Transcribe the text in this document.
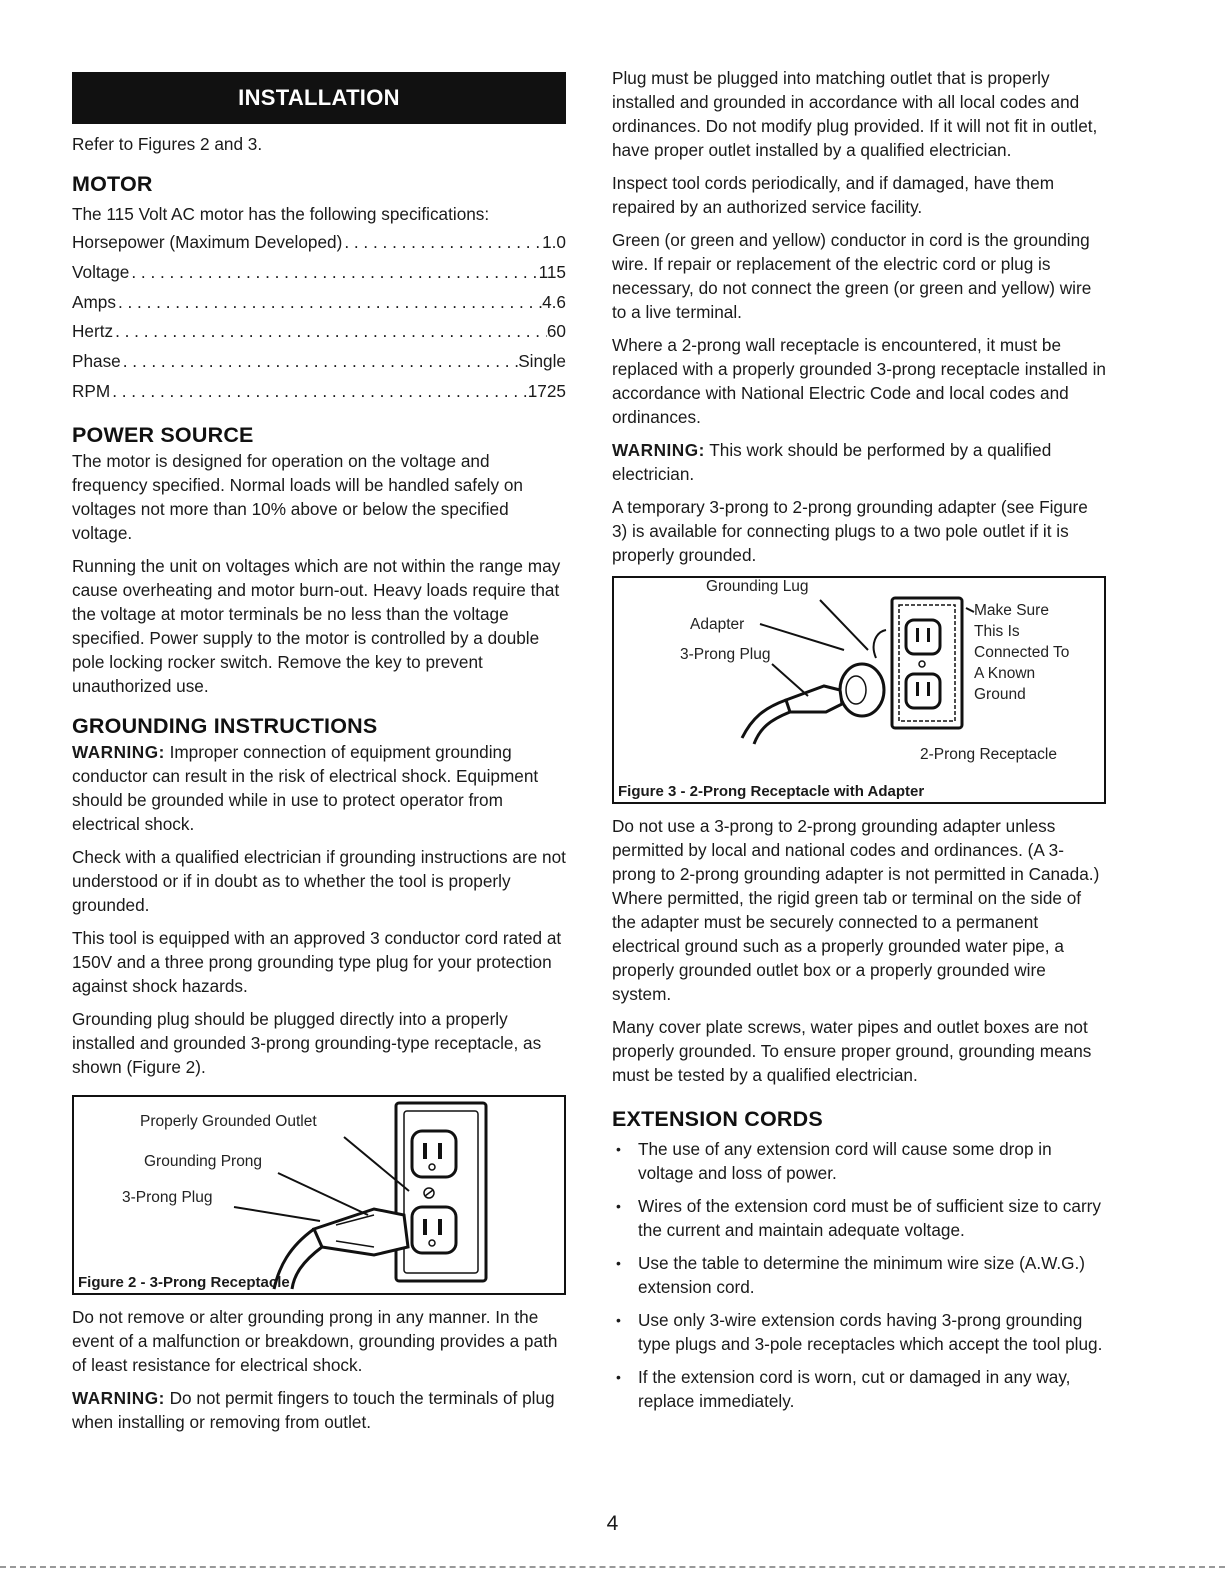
INSTALLATION

Refer to Figures 2 and 3.

MOTOR

The 115 Volt AC motor has the following specifications:

Horsepower (Maximum Developed) . . .	1.0
Voltage . . .	115
Amps . . .	4.6
Hertz . . .	60
Phase . . .	Single
RPM . . .	1725
POWER SOURCE

The motor is designed for operation on the voltage and frequency specified. Normal loads will be handled safely on voltages not more than 10% above or below the specified voltage.

Running the unit on voltages which are not within the range may cause overheating and motor burn-out. Heavy loads require that the voltage at motor terminals be no less than the voltage specified. Power supply to the motor is controlled by a double pole locking rocker switch. Remove the key to prevent unauthorized use.

GROUNDING INSTRUCTIONS

WARNING: Improper connection of equipment grounding conductor can result in the risk of electrical shock. Equipment should be grounded while in use to protect operator from electrical shock.

Check with a qualified electrician if grounding instructions are not understood or if in doubt as to whether the tool is properly grounded.

This tool is equipped with an approved 3 conductor cord rated at 150V and a three prong grounding type plug for your protection against shock hazards.

Grounding plug should be plugged directly into a properly installed and grounded 3-prong grounding-type receptacle, as shown (Figure 2).

Properly Grounded Outlet
Grounding Prong
3-Prong Plug
Figure 2 - 3-Prong Receptacle

Do not remove or alter grounding prong in any manner. In the event of a malfunction or breakdown, grounding provides a path of least resistance for electrical shock.

WARNING: Do not permit fingers to touch the terminals of plug when installing or removing from outlet.

Plug must be plugged into matching outlet that is properly installed and grounded in accordance with all local codes and ordinances. Do not modify plug provided. If it will not fit in outlet, have proper outlet installed by a qualified electrician.

Inspect tool cords periodically, and if damaged, have them repaired by an authorized service facility.

Green (or green and yellow) conductor in cord is the grounding wire. If repair or replacement of the electric cord or plug is necessary, do not connect the green (or green and yellow) wire to a live terminal.

Where a 2-prong wall receptacle is encountered, it must be replaced with a properly grounded 3-prong receptacle installed in accordance with National Electric Code and local codes and ordinances.

WARNING: This work should be performed by a qualified electrician.

A temporary 3-prong to 2-prong grounding adapter (see Figure 3) is available for connecting plugs to a two pole outlet if it is properly grounded.

Grounding Lug
Adapter
3-Prong Plug
Make Sure
This Is
Connected To
A Known
Ground
2-Prong Receptacle
Figure 3 - 2-Prong Receptacle with Adapter

Do not use a 3-prong to 2-prong grounding adapter unless permitted by local and national codes and ordinances. (A 3-prong to 2-prong grounding adapter is not permitted in Canada.) Where permitted, the rigid green tab or terminal on the side of the adapter must be securely connected to a permanent electrical ground such as a properly grounded water pipe, a properly grounded outlet box or a properly grounded wire system.

Many cover plate screws, water pipes and outlet boxes are not properly grounded. To ensure proper ground, grounding means must be tested by a qualified electrician.

EXTENSION CORDS
• The use of any extension cord will cause some drop in voltage and loss of power.
• Wires of the extension cord must be of sufficient size to carry the current and maintain adequate voltage.
• Use the table to determine the minimum wire size (A.W.G.) extension cord.
• Use only 3-wire extension cords having 3-prong grounding type plugs and 3-pole receptacles which accept the tool plug.
• If the extension cord is worn, cut or damaged in any way, replace immediately.
4
